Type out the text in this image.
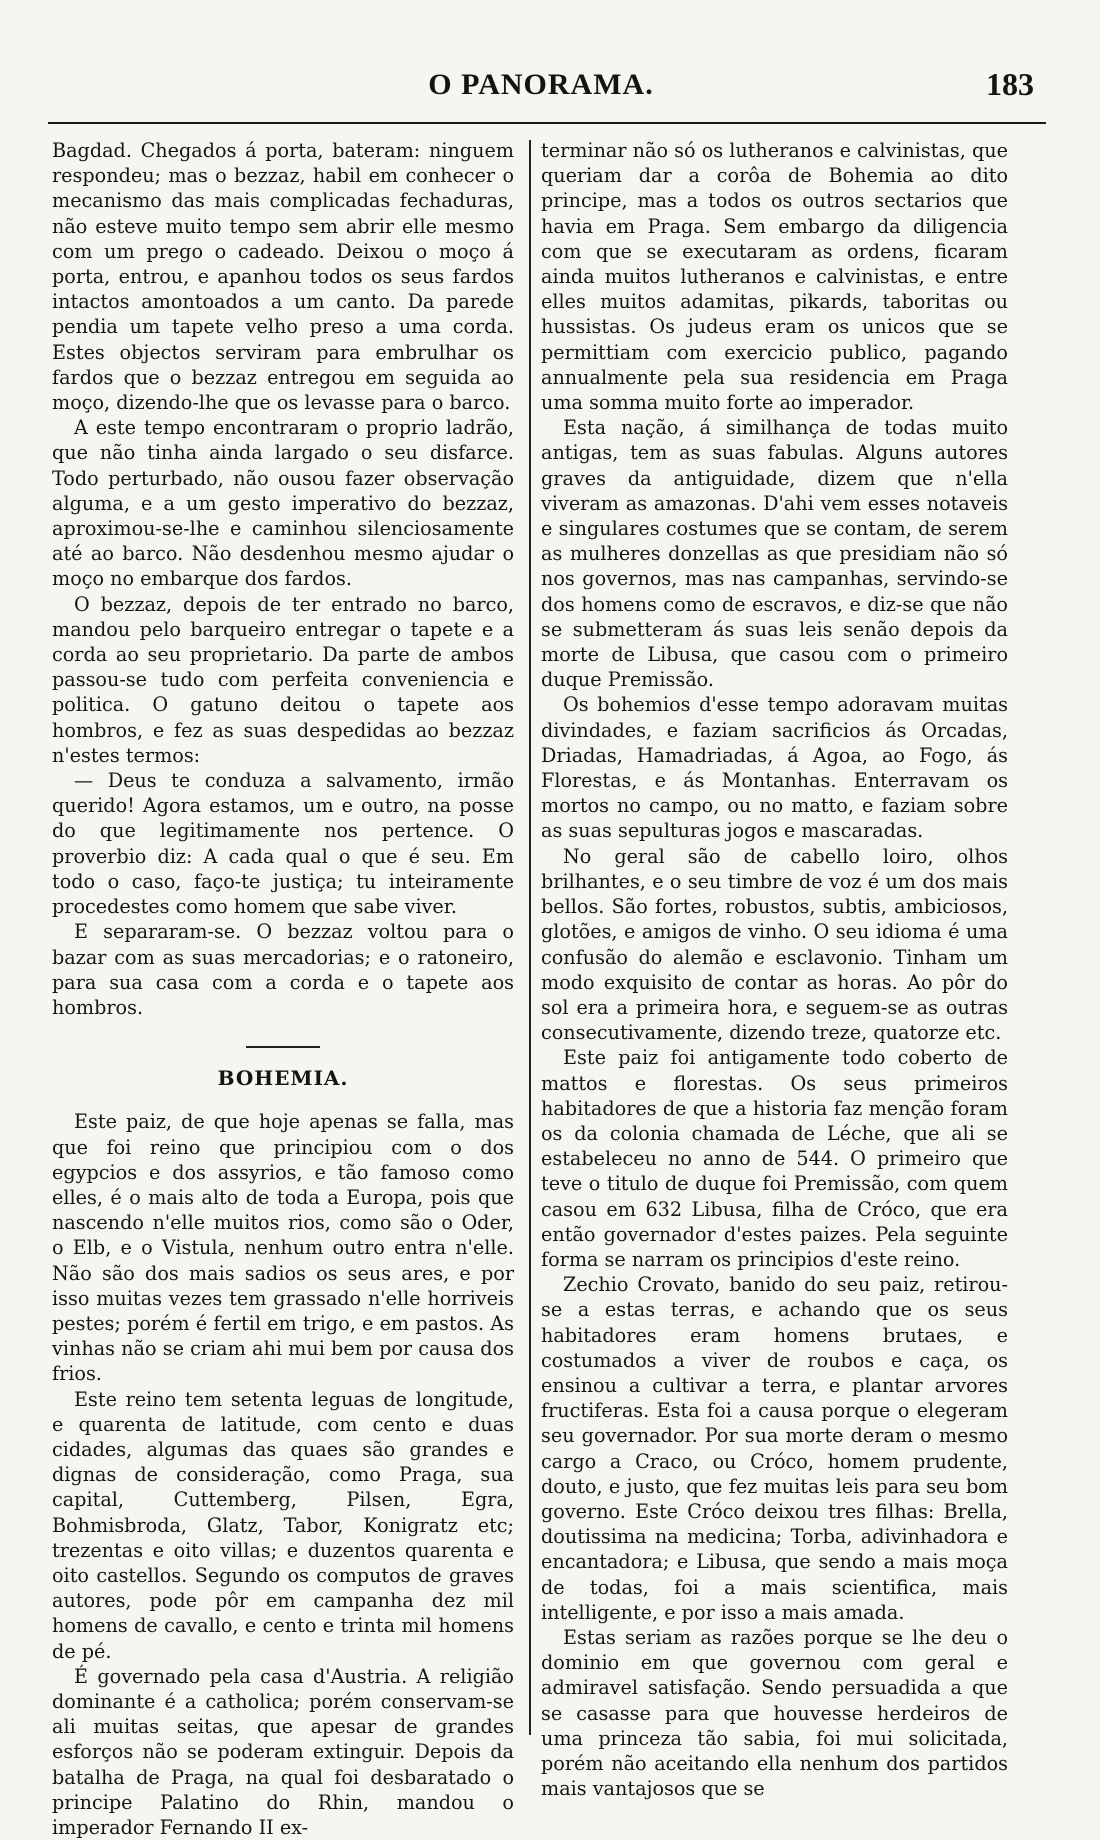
O PANORAMA.	183

Bagdad. Chegados á porta, bateram: ninguem respondeu; mas o bezzaz, habil em conhecer o mecanismo das mais complicadas fechaduras, não esteve muito tempo sem abrir elle mesmo com um prego o cadeado. Deixou o moço á porta, entrou, e apanhou todos os seus fardos intactos amontoados a um canto. Da parede pendia um tapete velho preso a uma corda. Estes objectos serviram para embrulhar os fardos que o bezzaz entregou em seguida ao moço, dizendo-lhe que os levasse para o barco.

A este tempo encontraram o proprio ladrão, que não tinha ainda largado o seu disfarce. Todo perturbado, não ousou fazer observação alguma, e a um gesto imperativo do bezzaz, aproximou-se-lhe e caminhou silenciosamente até ao barco. Não desdenhou mesmo ajudar o moço no embarque dos fardos.

O bezzaz, depois de ter entrado no barco, mandou pelo barqueiro entregar o tapete e a corda ao seu proprietario. Da parte de ambos passou-se tudo com perfeita conveniencia e politica. O gatuno deitou o tapete aos hombros, e fez as suas despedidas ao bezzaz n'estes termos:

— Deus te conduza a salvamento, irmão querido! Agora estamos, um e outro, na posse do que legitimamente nos pertence. O proverbio diz: A cada qual o que é seu. Em todo o caso, faço-te justiça; tu inteiramente procedestes como homem que sabe viver.

E separaram-se. O bezzaz voltou para o bazar com as suas mercadorias; e o ratoneiro, para sua casa com a corda e o tapete aos hombros.

BOHEMIA.

Este paiz, de que hoje apenas se falla, mas que foi reino que principiou com o dos egypcios e dos assyrios, e tão famoso como elles, é o mais alto de toda a Europa, pois que nascendo n'elle muitos rios, como são o Oder, o Elb, e o Vistula, nenhum outro entra n'elle. Não são dos mais sadios os seus ares, e por isso muitas vezes tem grassado n'elle horriveis pestes; porém é fertil em trigo, e em pastos. As vinhas não se criam ahi mui bem por causa dos frios.

Este reino tem setenta leguas de longitude, e quarenta de latitude, com cento e duas cidades, algumas das quaes são grandes e dignas de consideração, como Praga, sua capital, Cuttemberg, Pilsen, Egra, Bohmisbroda, Glatz, Tabor, Konigratz etc; trezentas e oito villas; e duzentos quarenta e oito castellos. Segundo os computos de graves autores, pode pôr em campanha dez mil homens de cavallo, e cento e trinta mil homens de pé.

É governado pela casa d'Austria. A religião dominante é a catholica; porém conservam-se ali muitas seitas, que apesar de grandes esforços não se poderam extinguir. Depois da batalha de Praga, na qual foi desbaratado o principe Palatino do Rhin, mandou o imperador Fernando II ex-

terminar não só os lutheranos e calvinistas, que queriam dar a corôa de Bohemia ao dito principe, mas a todos os outros sectarios que havia em Praga. Sem embargo da diligencia com que se executaram as ordens, ficaram ainda muitos lutheranos e calvinistas, e entre elles muitos adamitas, pikards, taboritas ou hussistas. Os judeus eram os unicos que se permittiam com exercicio publico, pagando annualmente pela sua residencia em Praga uma somma muito forte ao imperador.

Esta nação, á similhança de todas muito antigas, tem as suas fabulas. Alguns autores graves da antiguidade, dizem que n'ella viveram as amazonas. D'ahi vem esses notaveis e singulares costumes que se contam, de serem as mulheres donzellas as que presidiam não só nos governos, mas nas campanhas, servindo-se dos homens como de escravos, e diz-se que não se submetteram ás suas leis senão depois da morte de Libusa, que casou com o primeiro duque Premissão.

Os bohemios d'esse tempo adoravam muitas divindades, e faziam sacrificios ás Orcadas, Driadas, Hamadriadas, á Agoa, ao Fogo, ás Florestas, e ás Montanhas. Enterravam os mortos no campo, ou no matto, e faziam sobre as suas sepulturas jogos e mascaradas.

No geral são de cabello loiro, olhos brilhantes, e o seu timbre de voz é um dos mais bellos. São fortes, robustos, subtis, ambiciosos, glotões, e amigos de vinho. O seu idioma é uma confusão do alemão e esclavonio. Tinham um modo exquisito de contar as horas. Ao pôr do sol era a primeira hora, e seguem-se as outras consecutivamente, dizendo treze, quatorze etc.

Este paiz foi antigamente todo coberto de mattos e florestas. Os seus primeiros habitadores de que a historia faz menção foram os da colonia chamada de Léche, que ali se estabeleceu no anno de 544. O primeiro que teve o titulo de duque foi Premissão, com quem casou em 632 Libusa, filha de Cróco, que era então governador d'estes paizes. Pela seguinte forma se narram os principios d'este reino.

Zechio Crovato, banido do seu paiz, retirou-se a estas terras, e achando que os seus habitadores eram homens brutaes, e costumados a viver de roubos e caça, os ensinou a cultivar a terra, e plantar arvores fructiferas. Esta foi a causa porque o elegeram seu governador. Por sua morte deram o mesmo cargo a Craco, ou Cróco, homem prudente, douto, e justo, que fez muitas leis para seu bom governo. Este Cróco deixou tres filhas: Brella, doutissima na medicina; Torba, adivinhadora e encantadora; e Libusa, que sendo a mais moça de todas, foi a mais scientifica, mais intelligente, e por isso a mais amada.

Estas seriam as razões porque se lhe deu o dominio em que governou com geral e admiravel satisfação. Sendo persuadida a que se casasse para que houvesse herdeiros de uma princeza tão sabia, foi mui solicitada, porém não aceitando ella nenhum dos partidos mais vantajosos que se
